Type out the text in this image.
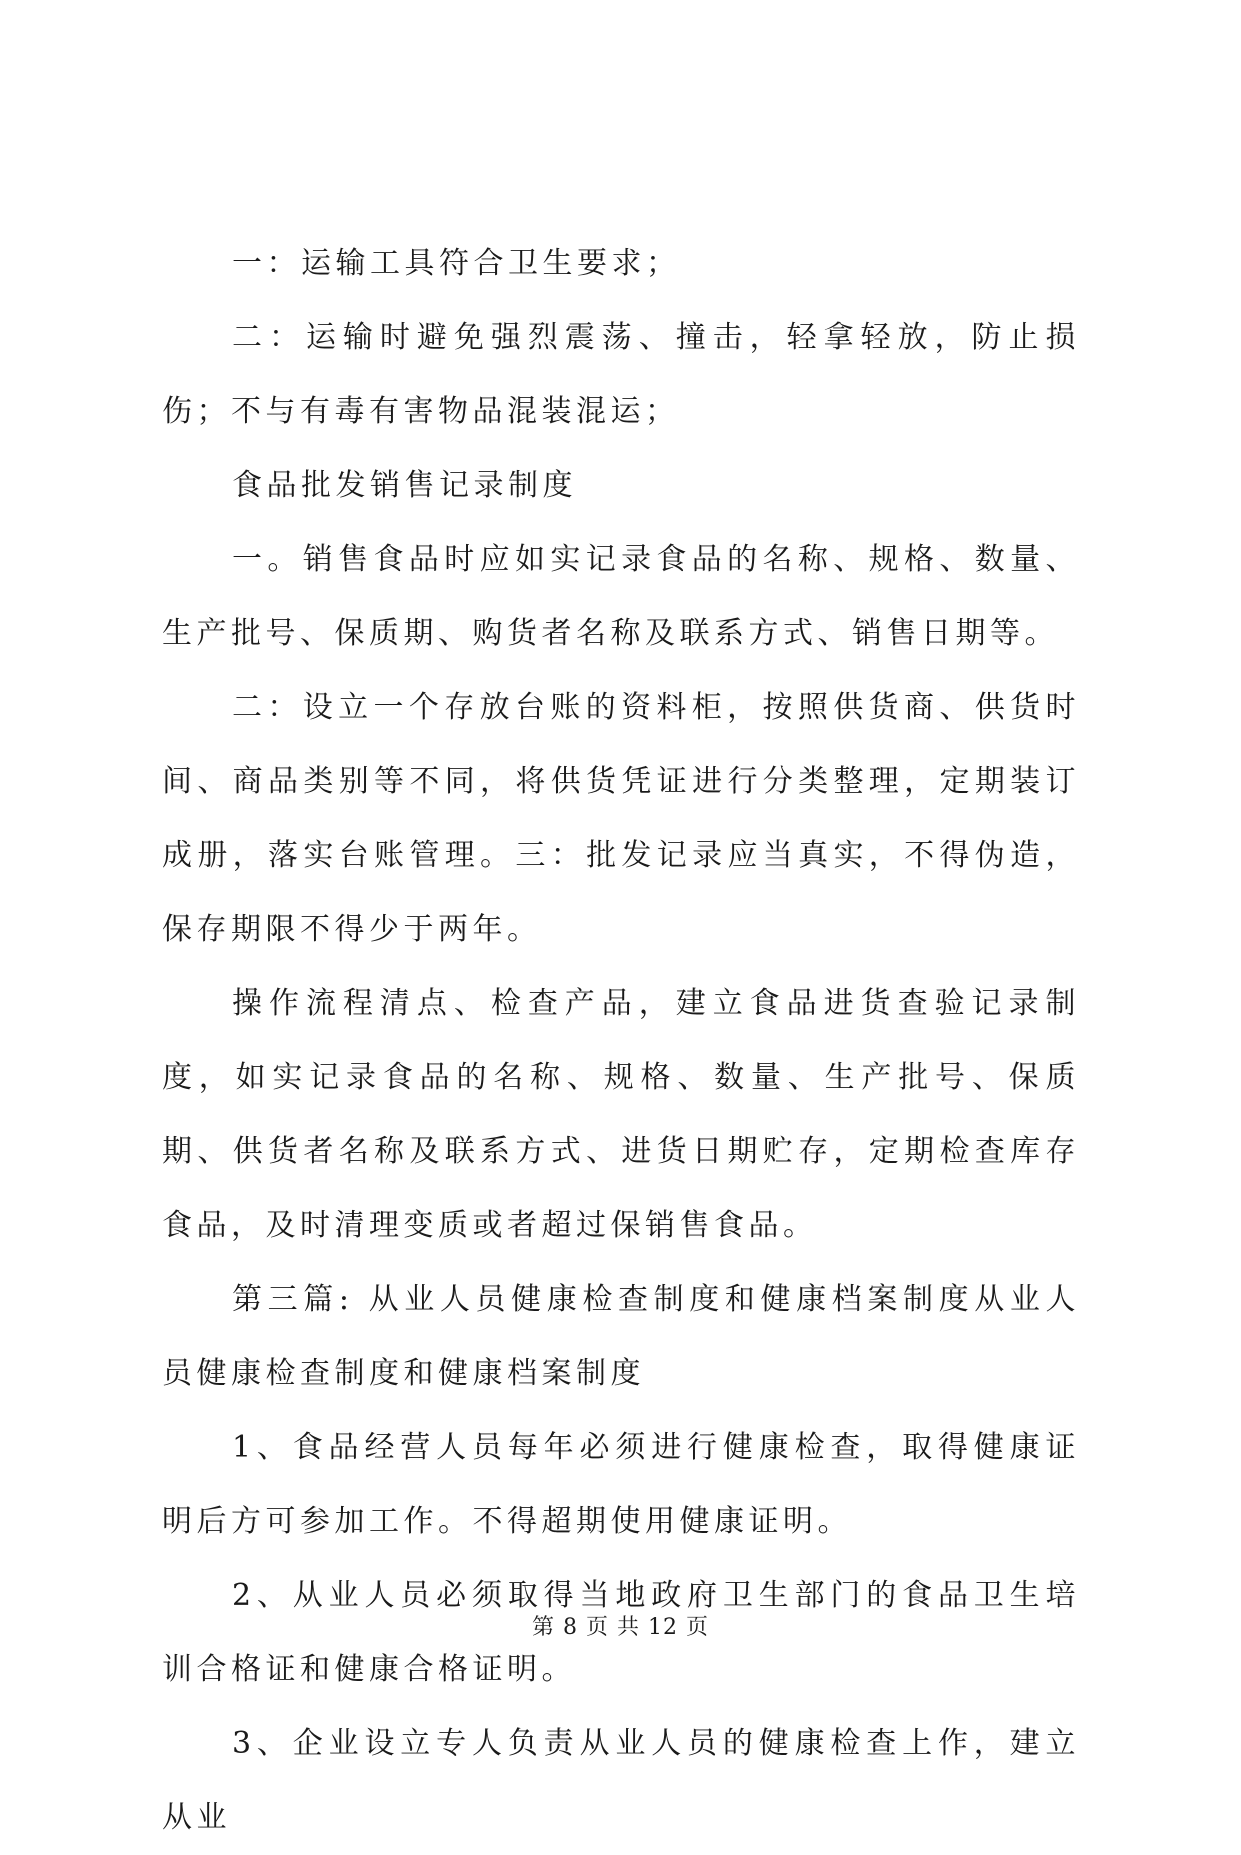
一：运输工具符合卫生要求；

二：运输时避免强烈震荡、撞击，轻拿轻放，防止损伤；不与有毒有害物品混装混运；

食品批发销售记录制度

一。销售食品时应如实记录食品的名称、规格、数量、生产批号、保质期、购货者名称及联系方式、销售日期等。

二：设立一个存放台账的资料柜，按照供货商、供货时间、商品类别等不同，将供货凭证进行分类整理，定期装订成册，落实台账管理。三：批发记录应当真实，不得伪造，保存期限不得少于两年。

操作流程清点、检查产品，建立食品进货查验记录制度，如实记录食品的名称、规格、数量、生产批号、保质期、供货者名称及联系方式、进货日期贮存，定期检查库存食品，及时清理变质或者超过保销售食品。

第三篇: 从业人员健康检查制度和健康档案制度从业人员健康检查制度和健康档案制度

1、食品经营人员每年必须进行健康检查，取得健康证明后方可参加工作。不得超期使用健康证明。

2、从业人员必须取得当地政府卫生部门的食品卫生培训合格证和健康合格证明。

3、企业设立专人负责从业人员的健康检查上作，建立从业

第 8 页 共 12 页
